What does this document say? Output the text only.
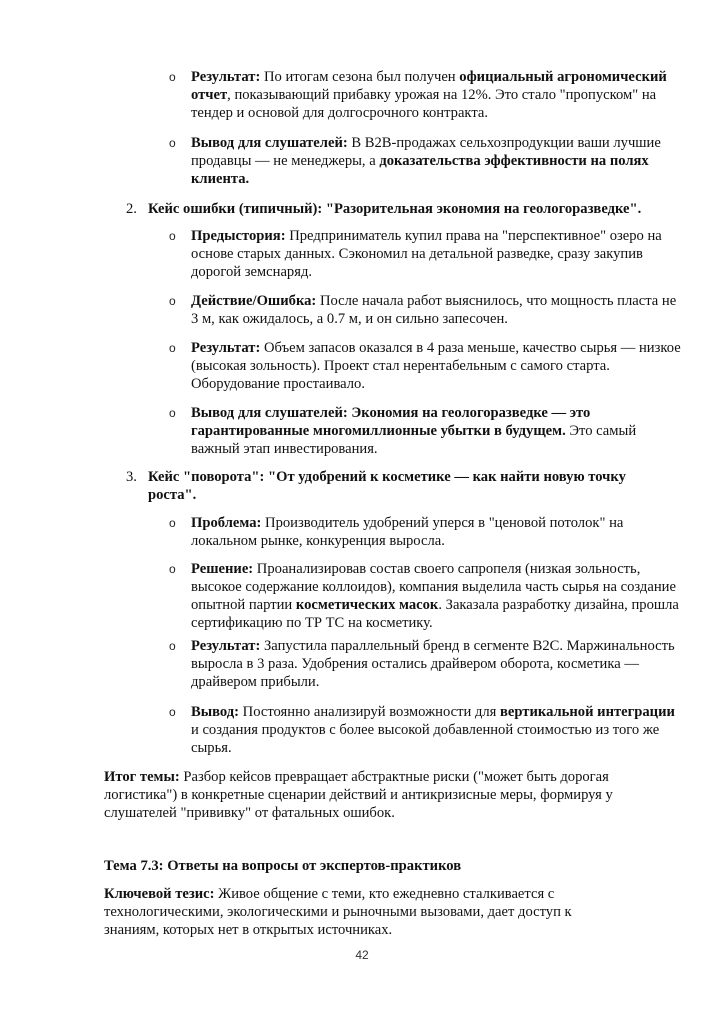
o Результат: По итогам сезона был получен официальный агрономический отчет, показывающий прибавку урожая на 12%. Это стало "пропуском" на тендер и основой для долгосрочного контракта.

o Вывод для слушателей: В B2B-продажах сельхозпродукции ваши лучшие продавцы — не менеджеры, а доказательства эффективности на полях клиента.

2. Кейс ошибки (типичный): "Разорительная экономия на геологоразведке".

o Предыстория: Предприниматель купил права на "перспективное" озеро на основе старых данных. Сэкономил на детальной разведке, сразу закупив дорогой земснаряд.

o Действие/Ошибка: После начала работ выяснилось, что мощность пласта не 3 м, как ожидалось, а 0.7 м, и он сильно запесочен.

o Результат: Объем запасов оказался в 4 раза меньше, качество сырья — низкое (высокая зольность). Проект стал нерентабельным с самого старта. Оборудование простаивало.

o Вывод для слушателей: Экономия на геологоразведке — это гарантированные многомиллионные убытки в будущем. Это самый важный этап инвестирования.

3. Кейс "поворота": "От удобрений к косметике — как найти новую точку роста".

o Проблема: Производитель удобрений уперся в "ценовой потолок" на локальном рынке, конкуренция выросла.

o Решение: Проанализировав состав своего сапропеля (низкая зольность, высокое содержание коллоидов), компания выделила часть сырья на создание опытной партии косметических масок. Заказала разработку дизайна, прошла сертификацию по ТР ТС на косметику.

o Результат: Запустила параллельный бренд в сегменте B2C. Маржинальность выросла в 3 раза. Удобрения остались драйвером оборота, косметика — драйвером прибыли.

o Вывод: Постоянно анализируй возможности для вертикальной интеграции и создания продуктов с более высокой добавленной стоимостью из того же сырья.

Итог темы: Разбор кейсов превращает абстрактные риски ("может быть дорогая логистика") в конкретные сценарии действий и антикризисные меры, формируя у слушателей "прививку" от фатальных ошибок.

Тема 7.3: Ответы на вопросы от экспертов-практиков

Ключевой тезис: Живое общение с теми, кто ежедневно сталкивается с технологическими, экологическими и рыночными вызовами, дает доступ к знаниям, которых нет в открытых источниках.

42
